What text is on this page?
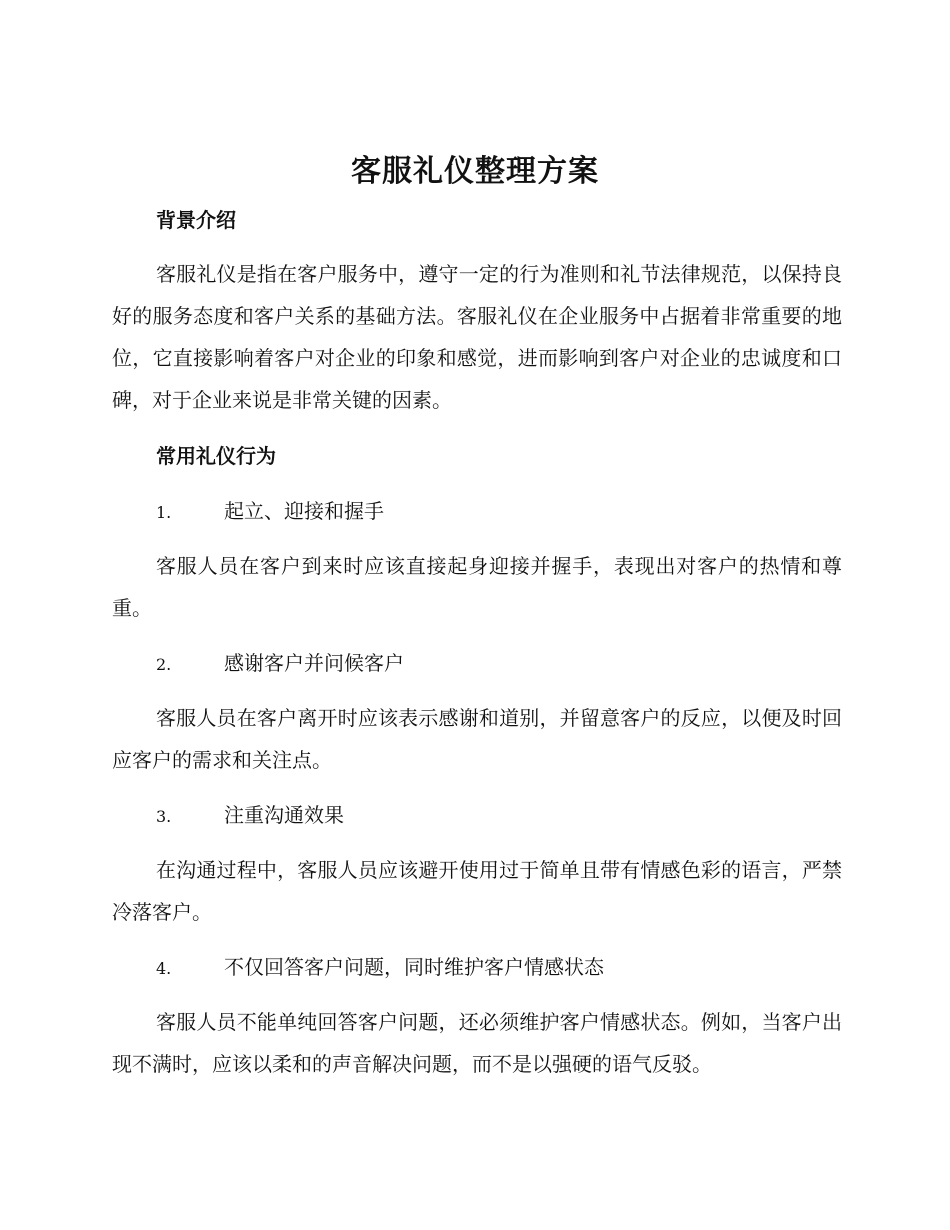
客服礼仪整理方案
背景介绍

客服礼仪是指在客户服务中，遵守一定的行为准则和礼节法律规范，以保持良好的服务态度和客户关系的基础方法。客服礼仪在企业服务中占据着非常重要的地位，它直接影响着客户对企业的印象和感觉，进而影响到客户对企业的忠诚度和口碑，对于企业来说是非常关键的因素。

常用礼仪行为
1.	起立、迎接和握手

客服人员在客户到来时应该直接起身迎接并握手，表现出对客户的热情和尊重。

2.	感谢客户并问候客户

客服人员在客户离开时应该表示感谢和道别，并留意客户的反应，以便及时回应客户的需求和关注点。

3.	注重沟通效果

在沟通过程中，客服人员应该避开使用过于简单且带有情感色彩的语言，严禁冷落客户。

4.	不仅回答客户问题，同时维护客户情感状态

客服人员不能单纯回答客户问题，还必须维护客户情感状态。例如，当客户出现不满时，应该以柔和的声音解决问题，而不是以强硬的语气反驳。
